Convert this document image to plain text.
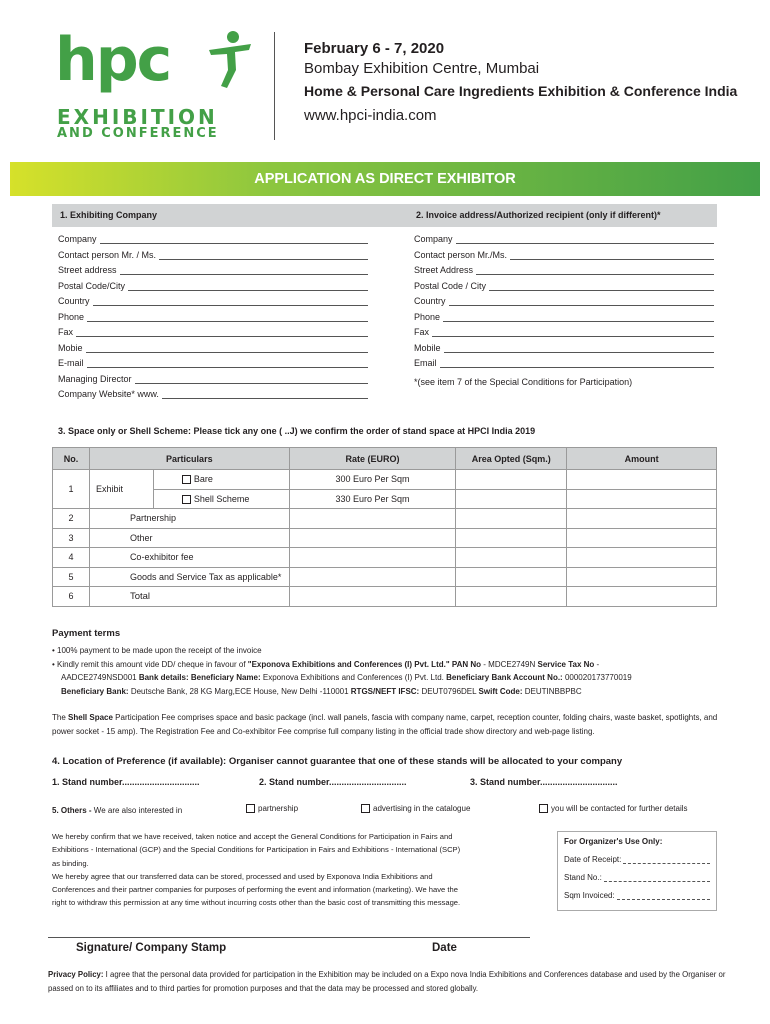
hpc
EXHIBITION
AND CONFERENCE
February 6 - 7, 2020
Bombay Exhibition Centre, Mumbai
Home & Personal Care Ingredients Exhibition & Conference India
www.hpci-india.com
APPLICATION AS DIRECT EXHIBITOR
1. Exhibiting Company	2. Invoice address/Authorized recipient (only if different)*
Company
Contact person Mr. / Ms.
Street address
Postal Code/City
Country
Phone
Fax
Mobie
E-mail
Managing Director
Company Website* www.
Company
Contact person Mr./Ms.
Street Address
Postal Code / City
Country
Phone
Fax
Mobile
Email
*(see item 7 of the Special Conditions for Participation)
3. Space only or Shell Scheme: Please tick any one ( ..J) we confirm the order of stand space at HPCI India 2019
No.	Particulars		Rate (EURO)	Area Opted (Sqm.)	Amount
1	Exhibit	Bare	300 Euro Per Sqm		
		Shell Scheme	330 Euro Per Sqm		
2	Partnership				
3	Other				
4	Co-exhibitor fee				
5	Goods and Service Tax as applicable*				
6	Total				
Payment terms
• 100% payment to be made upon the receipt of the invoice
• Kindly remit this amount vide DD/ cheque in favour of "Exponova Exhibitions and Conferences (I) Pvt. Ltd." PAN No - MDCE2749N Service Tax No -
AADCE2749NSD001 Bank details: Beneficiary Name: Exponova Exhibitions and Conferences (I) Pvt. Ltd. Beneficiary Bank Account No.: 000020173770019
Beneficiary Bank: Deutsche Bank, 28 KG Marg,ECE House, New Delhi -110001 RTGS/NEFT IFSC: DEUT0796DEL Swift Code: DEUTINBBPBC
The Shell Space Participation Fee comprises space and basic package (incl. wall panels, fascia with company name, carpet, reception counter, folding chairs, waste basket, spotlights, and power socket - 15 amp). The Registration Fee and Co-exhibitor Fee comprise full company listing in the official trade show directory and web-page listing.
4. Location of Preference (if available): Organiser cannot guarantee that one of these stands will be allocated to your company
1. Stand number...............................	2. Stand number...............................	3. Stand number...............................
5. Others - We are also interested in	partnership	advertising in the catalogue	you will be contacted for further details
We hereby confirm that we have received, taken notice and accept the General Conditions for Participation in Fairs and
Exhibitions - International (GCP) and the Special Conditions for Participation in Fairs and Exhibitions - International (SCP)
as binding.
We hereby agree that our transferred data can be stored, processed and used by Exponova India Exhibitions and
Conferences and their partner companies for purposes of performing the event and information (marketing). We have the
right to withdraw this permission at any time without incurring costs other than the basic cost of transmitting this message.
For Organizer's Use Only:
Date of Receipt:
Stand No.:
Sqm Invoiced:
Signature/ Company Stamp	Date
Privacy Policy: I agree that the personal data provided for participation in the Exhibition may be included on a Expo nova India Exhibitions and Conferences database and used by the Organiser or passed on to its affiliates and to third parties for promotion purposes and that the data may be processed and stored globally.
